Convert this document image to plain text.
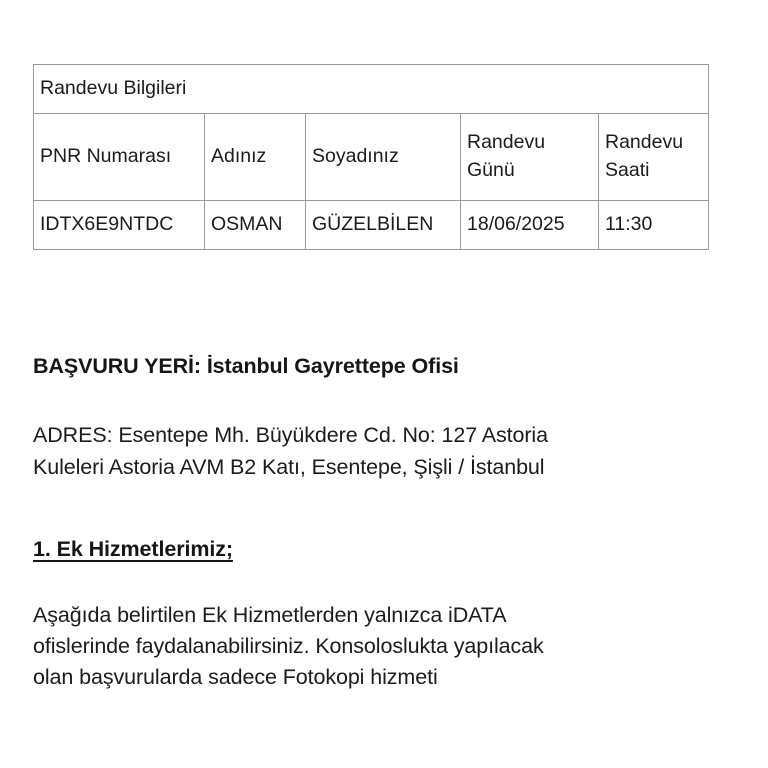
Randevu Bilgileri				
PNR Numarası	Adınız	Soyadınız	Randevu Günü	Randevu Saati
IDTX6E9NTDC	OSMAN	GÜZELBİLEN	18/06/2025	11:30

BAŞVURU YERİ: İstanbul Gayrettepe Ofisi

ADRES: Esentepe Mh. Büyükdere Cd. No: 127 Astoria

Kuleleri Astoria AVM B2 Katı, Esentepe, Şişli / İstanbul

1. Ek Hizmetlerimiz;

Aşağıda belirtilen Ek Hizmetlerden yalnızca iDATA

ofislerinde faydalanabilirsiniz. Konsoloslukta yapılacak

olan başvurularda sadece Fotokopi hizmeti
